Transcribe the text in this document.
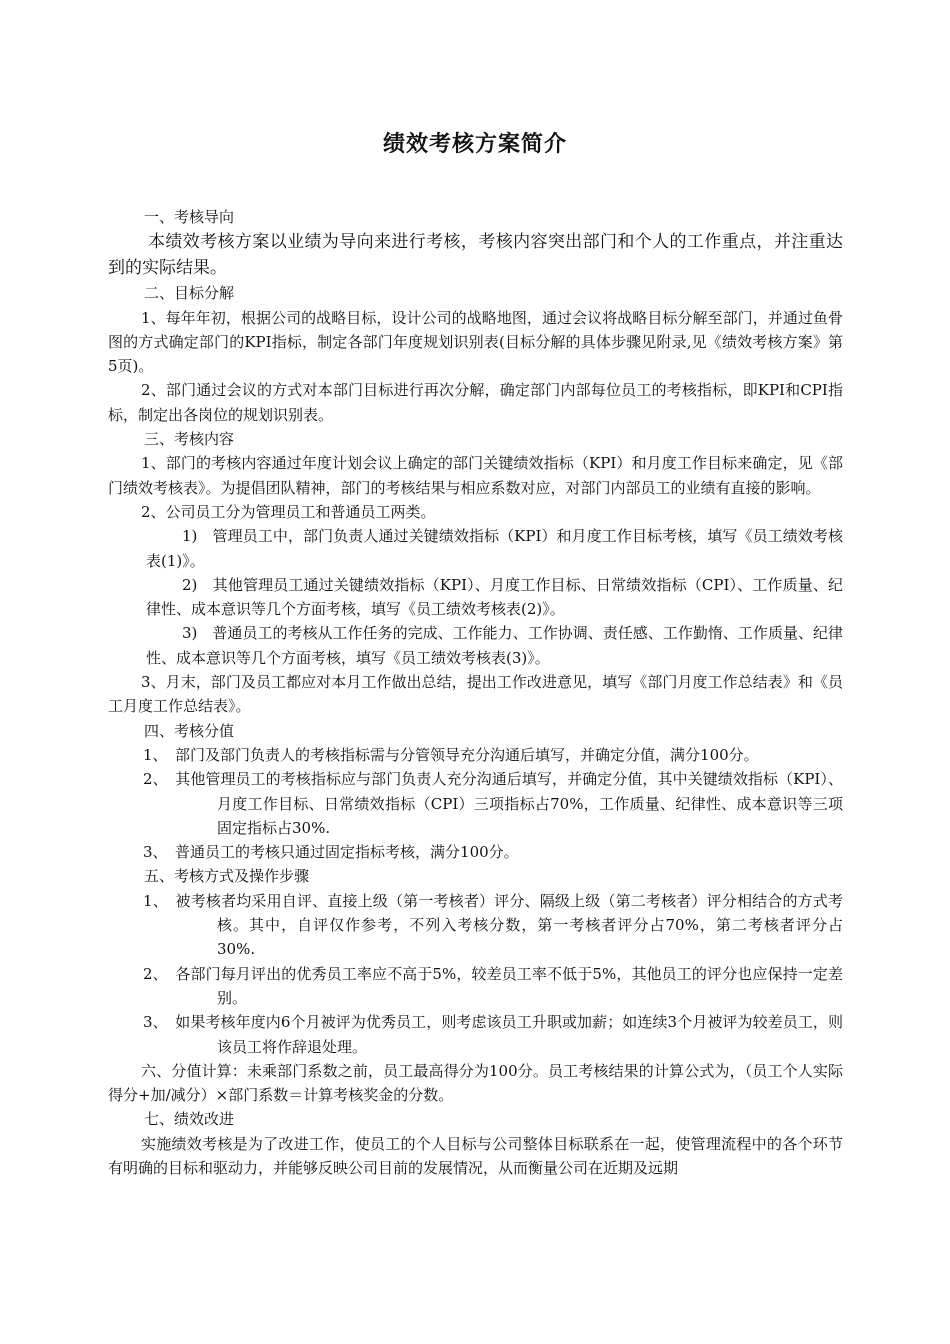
绩效考核方案简介

一、考核导向

本绩效考核方案以业绩为导向来进行考核，考核内容突出部门和个人的工作重点，并注重达到的实际结果。

二、目标分解

1、每年年初，根据公司的战略目标，设计公司的战略地图，通过会议将战略目标分解至部门，并通过鱼骨图的方式确定部门的KPI指标，制定各部门年度规划识别表(目标分解的具体步骤见附录,见《绩效考核方案》第5页)。

2、部门通过会议的方式对本部门目标进行再次分解，确定部门内部每位员工的考核指标，即KPI和CPI指标，制定出各岗位的规划识别表。

三、考核内容

1、部门的考核内容通过年度计划会议上确定的部门关键绩效指标（KPI）和月度工作目标来确定，见《部门绩效考核表》。为提倡团队精神，部门的考核结果与相应系数对应，对部门内部员工的业绩有直接的影响。

2、公司员工分为管理员工和普通员工两类。

1)　管理员工中，部门负责人通过关键绩效指标（KPI）和月度工作目标考核，填写《员工绩效考核表(1)》。

2)　其他管理员工通过关键绩效指标（KPI）、月度工作目标、日常绩效指标（CPI）、工作质量、纪律性、成本意识等几个方面考核，填写《员工绩效考核表(2)》。

3)　普通员工的考核从工作任务的完成、工作能力、工作协调、责任感、工作勤惰、工作质量、纪律性、成本意识等几个方面考核，填写《员工绩效考核表(3)》。

3、月末，部门及员工都应对本月工作做出总结，提出工作改进意见，填写《部门月度工作总结表》和《员工月度工作总结表》。

四、考核分值

1、　部门及部门负责人的考核指标需与分管领导充分沟通后填写，并确定分值，满分100分。

2、　其他管理员工的考核指标应与部门负责人充分沟通后填写，并确定分值，其中关键绩效指标（KPI）、月度工作目标、日常绩效指标（CPI）三项指标占70%，工作质量、纪律性、成本意识等三项固定指标占30%.

3、　普通员工的考核只通过固定指标考核，满分100分。

五、考核方式及操作步骤

1、　被考核者均采用自评、直接上级（第一考核者）评分、隔级上级（第二考核者）评分相结合的方式考核。其中，自评仅作参考，不列入考核分数，第一考核者评分占70%，第二考核者评分占30%.

2、　各部门每月评出的优秀员工率应不高于5%，较差员工率不低于5%，其他员工的评分也应保持一定差别。

3、　如果考核年度内6个月被评为优秀员工，则考虑该员工升职或加薪；如连续3个月被评为较差员工，则该员工将作辞退处理。

六、分值计算：未乘部门系数之前，员工最高得分为100分。员工考核结果的计算公式为，（员工个人实际得分+加/减分）×部门系数＝计算考核奖金的分数。

七、绩效改进

实施绩效考核是为了改进工作，使员工的个人目标与公司整体目标联系在一起，使管理流程中的各个环节有明确的目标和驱动力，并能够反映公司目前的发展情况，从而衡量公司在近期及远期
